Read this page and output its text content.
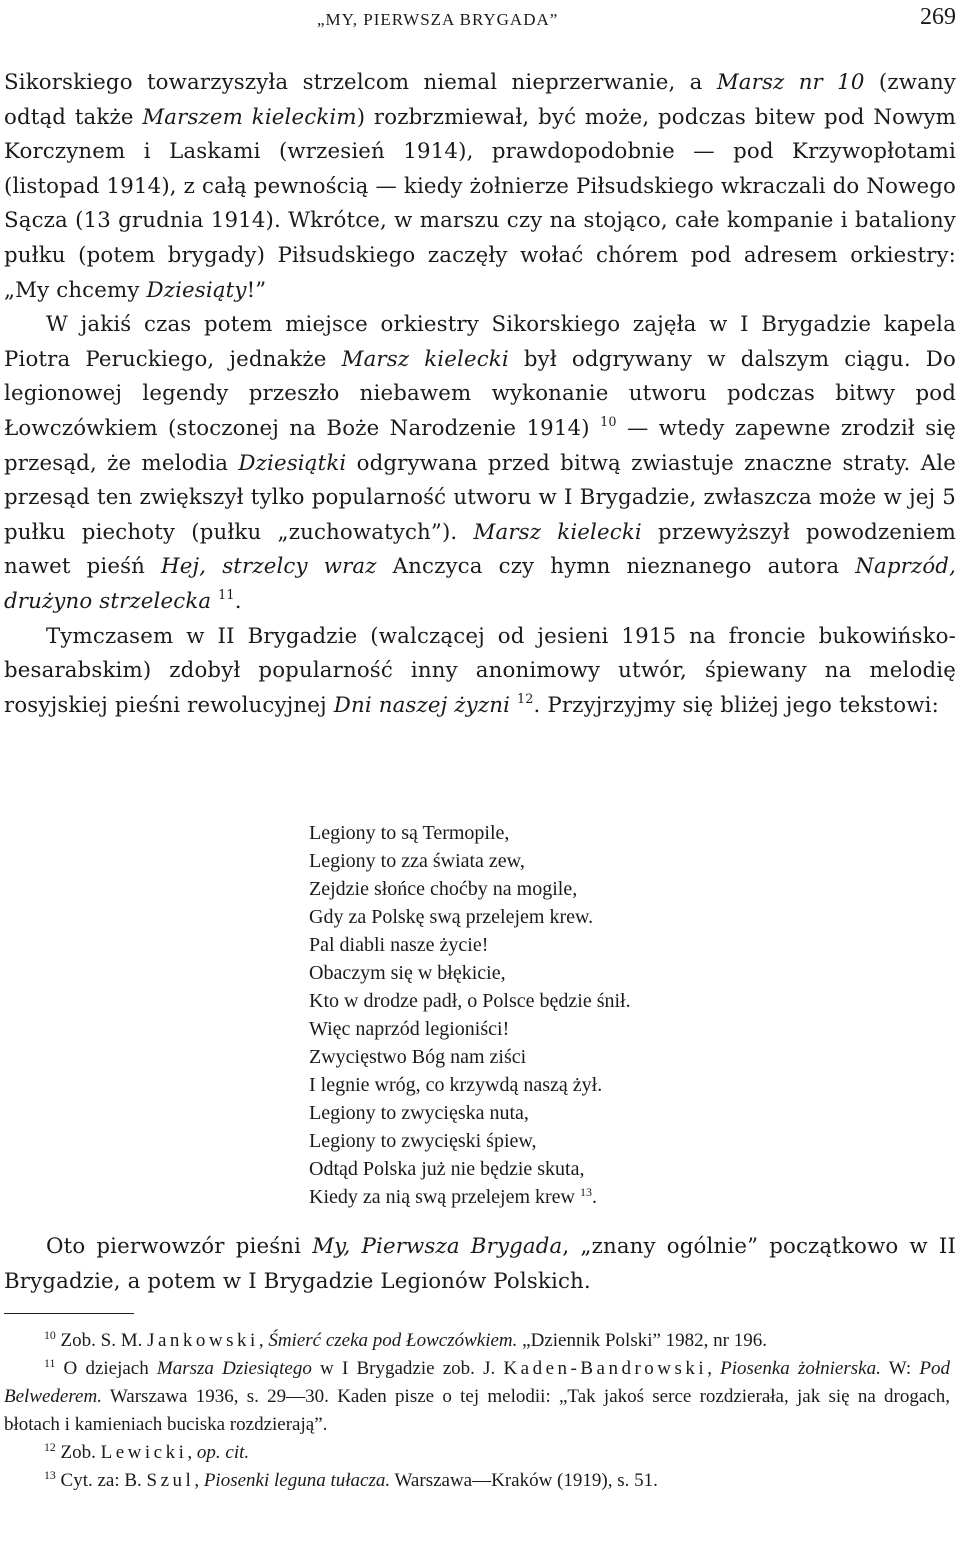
„MY, PIERWSZA BRYGADA”	269

Sikorskiego towarzyszyła strzelcom niemal nieprzerwanie, a Marsz nr 10 (zwany odtąd także Marszem kieleckim) rozbrzmiewał, być może, podczas bitew pod Nowym Korczynem i Laskami (wrzesień 1914), prawdopodobnie — pod Krzywopłotami (listopad 1914), z całą pewnością — kiedy żołnierze Piłsudskiego wkraczali do Nowego Sącza (13 grudnia 1914). Wkrótce, w marszu czy na stojąco, całe kompanie i bataliony pułku (potem brygady) Piłsudskiego zaczęły wołać chórem pod adresem orkiestry: „My chcemy Dziesiąty!”

W jakiś czas potem miejsce orkiestry Sikorskiego zajęła w I Brygadzie kapela Piotra Peruckiego, jednakże Marsz kielecki był odgrywany w dalszym ciągu. Do legionowej legendy przeszło niebawem wykonanie utworu podczas bitwy pod Łowczówkiem (stoczonej na Boże Narodzenie 1914) $^{10}$ — wtedy zapewne zrodził się przesąd, że melodia Dziesiątki odgrywana przed bitwą zwiastuje znaczne straty. Ale przesąd ten zwiększył tylko popularność utworu w I Brygadzie, zwłaszcza może w jej 5 pułku piechoty (pułku „zuchowatych”). Marsz kielecki przewyższył powodzeniem nawet pieśń Hej, strzelcy wraz Anczyca czy hymn nieznanego autora Naprzód, drużyno strzelecka $^{11}$.

Tymczasem w II Brygadzie (walczącej od jesieni 1915 na froncie bukowińsko-besarabskim) zdobył popularność inny anonimowy utwór, śpiewany na melodię rosyjskiej pieśni rewolucyjnej Dni naszej żyzni $^{12}$. Przyjrzyjmy się bliżej jego tekstowi:

Legiony to są Termopile,
Legiony to zza świata zew,
Zejdzie słońce choćby na mogile,
Gdy za Polskę swą przelejem krew.
Pal diabli nasze życie!
Obaczym się w błękicie,
Kto w drodze padł, o Polsce będzie śnił.
Więc naprzód legioniści!
Zwycięstwo Bóg nam ziści
I legnie wróg, co krzywdą naszą żył.
Legiony to zwycięska nuta,
Legiony to zwycięski śpiew,
Odtąd Polska już nie będzie skuta,
Kiedy za nią swą przelejem krew $^{13}$.

Oto pierwowzór pieśni My, Pierwsza Brygada, „znany ogólnie” początkowo w II Brygadzie, a potem w I Brygadzie Legionów Polskich.

$^{10}$ Zob. S. M. Jankowski, Śmierć czeka pod Łowczówkiem. „Dziennik Polski” 1982, nr 196.

$^{11}$ O dziejach Marsza Dziesiątego w I Brygadzie zob. J. Kaden-Bandrowski, Piosenka żołnierska. W: Pod Belwederem. Warszawa 1936, s. 29—30. Kaden pisze o tej melodii: „Tak jakoś serce rozdzierała, jak się na drogach, błotach i kamieniach buciska rozdzierają”.

$^{12}$ Zob. Lewicki, op. cit.

$^{13}$ Cyt. za: B. Szul, Piosenki leguna tułacza. Warszawa—Kraków (1919), s. 51.
